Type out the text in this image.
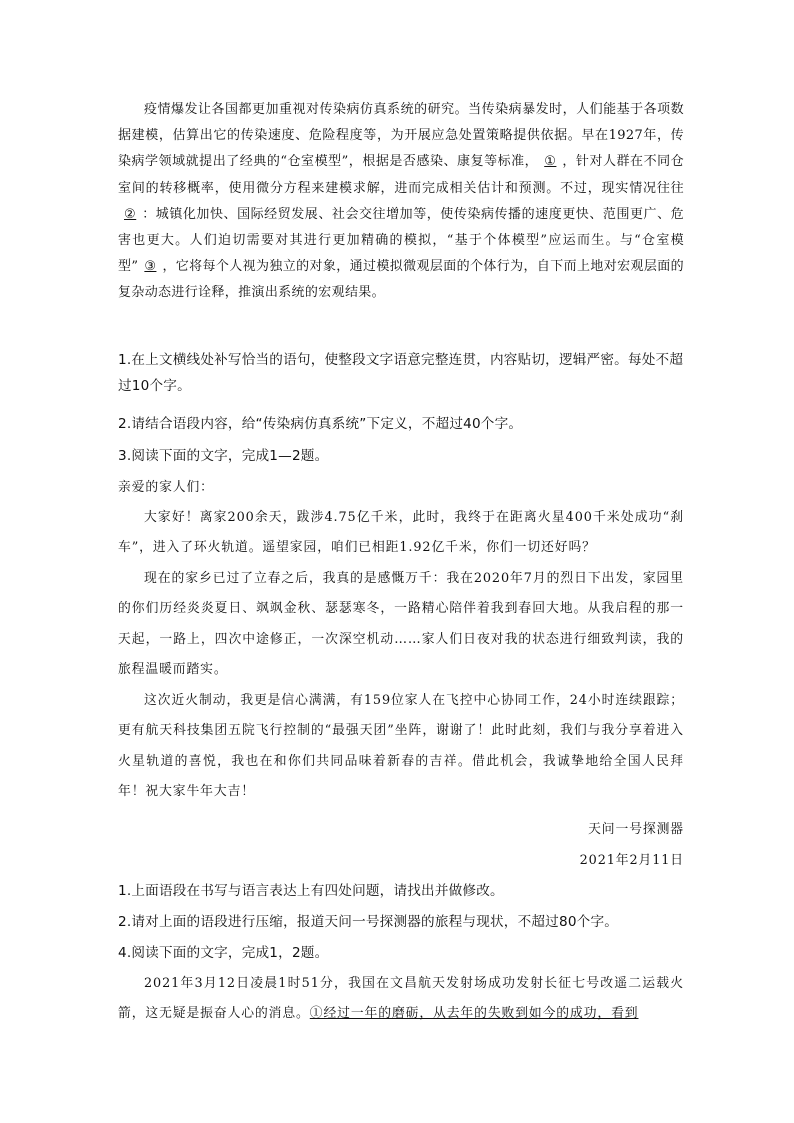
疫情爆发让各国都更加重视对传染病仿真系统的研究。当传染病暴发时，人们能基于各项数据建模，估算出它的传染速度、危险程度等，为开展应急处置策略提供依据。早在1927年，传染病学领域就提出了经典的“仓室模型”，根据是否感染、康复等标准， ① ，针对人群在不同仓室间的转移概率，使用微分方程来建模求解，进而完成相关估计和预测。不过，现实情况往往② ：城镇化加快、国际经贸发展、社会交往增加等，使传染病传播的速度更快、范围更广、危害也更大。人们迫切需要对其进行更加精确的模拟，“基于个体模型”应运而生。与“仓室模型” ③ ，它将每个人视为独立的对象，通过模拟微观层面的个体行为，自下而上地对宏观层面的复杂动态进行诠释，推演出系统的宏观结果。

1.在上文横线处补写恰当的语句，使整段文字语意完整连贯，内容贴切，逻辑严密。每处不超过10个字。

2.请结合语段内容，给“传染病仿真系统”下定义，不超过40个字。

3.阅读下面的文字，完成1—2题。

亲爱的家人们：

大家好！离家200余天，跋涉4.75亿千米，此时，我终于在距离火星400千米处成功“刹车”，进入了环火轨道。遥望家园，咱们已相距1.92亿千米，你们一切还好吗？

现在的家乡已过了立春之后，我真的是感慨万千：我在2020年7月的烈日下出发，家园里的你们历经炎炎夏日、飒飒金秋、瑟瑟寒冬，一路精心陪伴着我到春回大地。从我启程的那一天起，一路上，四次中途修正，一次深空机动……家人们日夜对我的状态进行细致判读，我的旅程温暖而踏实。

这次近火制动，我更是信心满满，有159位家人在飞控中心协同工作，24小时连续跟踪；更有航天科技集团五院飞行控制的“最强天团”坐阵，谢谢了！此时此刻，我们与我分享着进入火星轨道的喜悦，我也在和你们共同品味着新春的吉祥。借此机会，我诚挚地给全国人民拜年！祝大家牛年大吉！

天问一号探测器

2021年2月11日

1.上面语段在书写与语言表达上有四处问题，请找出并做修改。

2.请对上面的语段进行压缩，报道天问一号探测器的旅程与现状，不超过80个字。

4.阅读下面的文字，完成1，2题。

2021年3月12日凌晨1时51分，我国在文昌航天发射场成功发射长征七号改遥二运载火箭，这无疑是振奋人心的消息。①经过一年的磨砺，从去年的失败到如今的成功，看到
